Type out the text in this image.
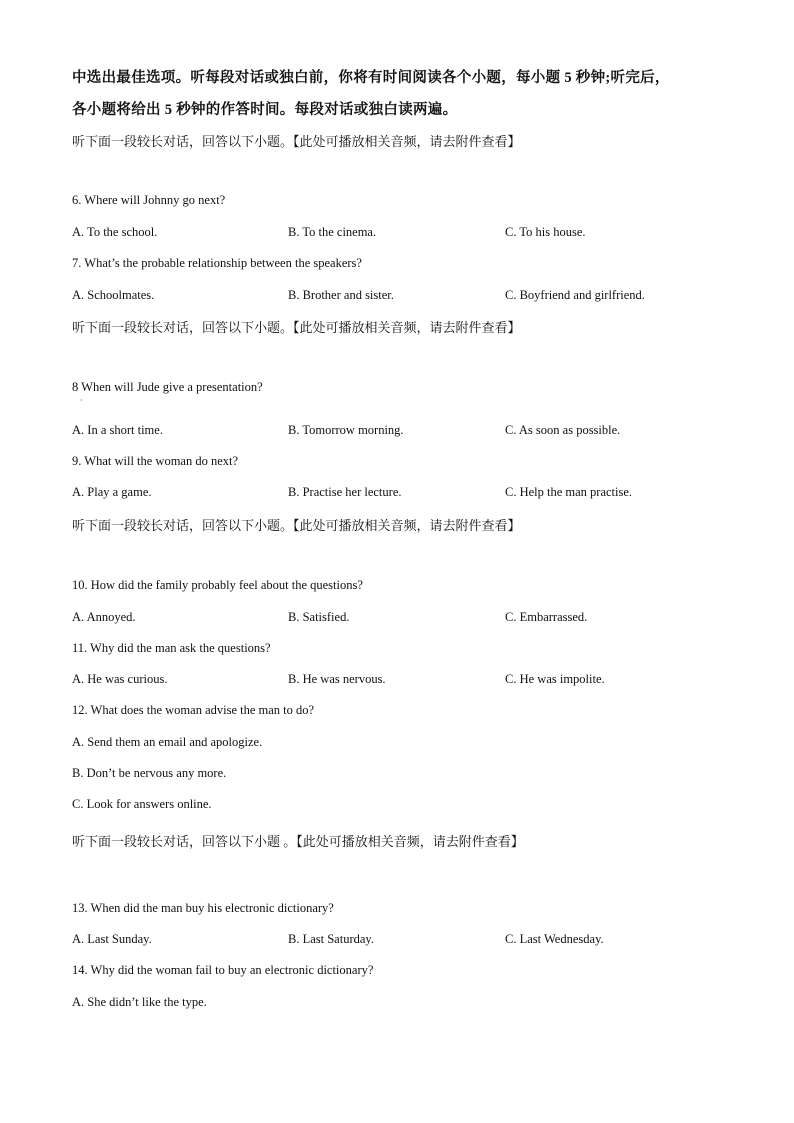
中选出最佳选项。听每段对话或独白前，你将有时间阅读各个小题，每小题 5 秒钟;听完后，
各小题将给出 5 秒钟的作答时间。每段对话或独白读两遍。
听下面一段较长对话，回答以下小题。【此处可播放相关音频，请去附件查看】
6. Where will Johnny go next?
A. To the school.	B. To the cinema.	C. To his house.
7. What’s the probable relationship between the speakers?
A. Schoolmates.	B. Brother and sister.	C. Boyfriend and girlfriend.
听下面一段较长对话，回答以下小题。【此处可播放相关音频，请去附件查看】
8 When will Jude give a presentation?
·
A. In a short time.	B. Tomorrow morning.	C. As soon as possible.
9. What will the woman do next?
A. Play a game.	B. Practise her lecture.	C. Help the man practise.
听下面一段较长对话，回答以下小题。【此处可播放相关音频，请去附件查看】
10. How did the family probably feel about the questions?
A. Annoyed.	B. Satisfied.	C. Embarrassed.
11. Why did the man ask the questions?
A. He was curious.	B. He was nervous.	C. He was impolite.
12. What does the woman advise the man to do?
A. Send them an email and apologize.
B. Don’t be nervous any more.
C. Look for answers online.
听下面一段较长对话，回答以下小题 。【此处可播放相关音频，请去附件查看】
13. When did the man buy his electronic dictionary?
A. Last Sunday.	B. Last Saturday.	C. Last Wednesday.
14. Why did the woman fail to buy an electronic dictionary?
A. She didn’t like the type.
